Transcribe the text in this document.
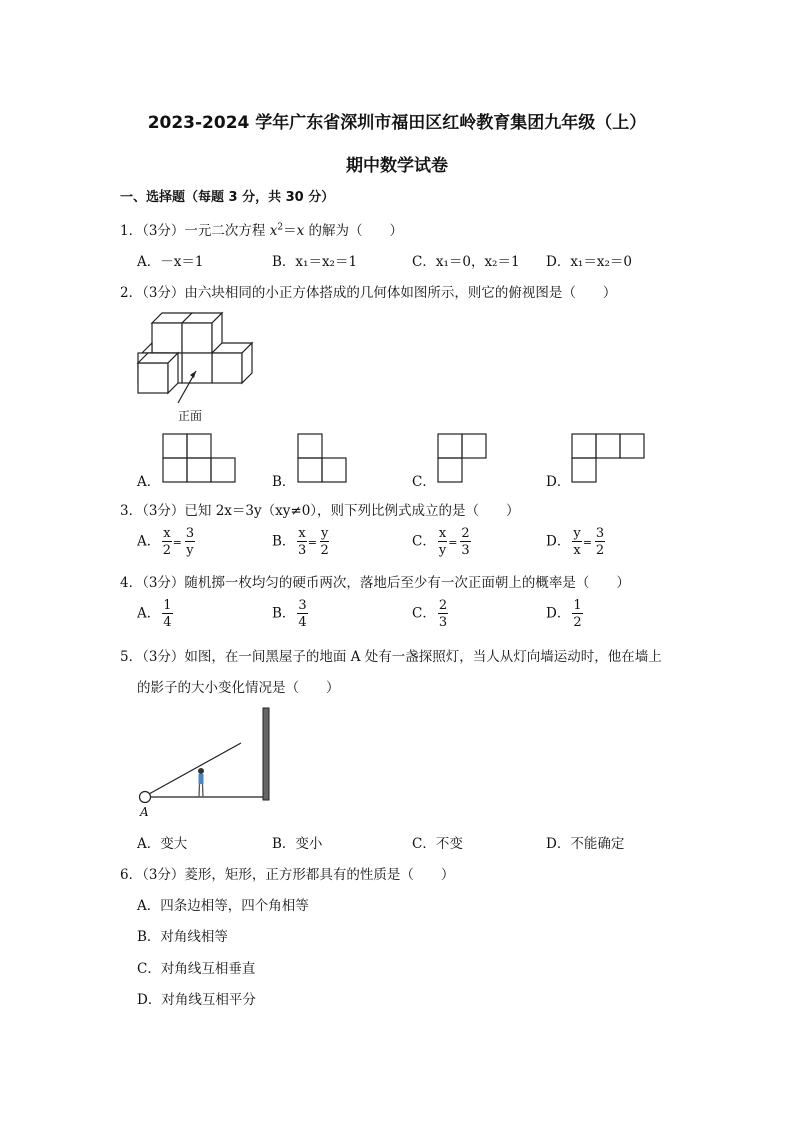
2023-2024 学年广东省深圳市福田区红岭教育集团九年级（上）
期中数学试卷
一、选择题（每题 3 分，共 30 分）
1．（3分）一元二次方程 $x^2=x$ 的解为（　　）
A．－x＝1	B．x₁＝x₂＝1	C．x₁＝0，x₂＝1 D．x₁＝x₂＝0
2．（3分）由六块相同的小正方体搭成的几何体如图所示，则它的俯视图是（　　）
正面
A．	B．	C．	D．
3．（3分）已知 2x＝3y（xy≠0），则下列比例式成立的是（　　）
A． $\frac{x}{2} = \frac{3}{y}$	B． $\frac{x}{3} = \frac{y}{2}$	C． $\frac{x}{y} = \frac{2}{3}$	D． $\frac{y}{x} = \frac{3}{2}$
4．（3分）随机掷一枚均匀的硬币两次，落地后至少有一次正面朝上的概率是（　　）
A． $\frac{1}{4}$	B． $\frac{3}{4}$	C． $\frac{2}{3}$	D． $\frac{1}{2}$
5．（3分）如图，在一间黑屋子的地面 A 处有一盏探照灯，当人从灯向墙运动时，他在墙上
的影子的大小变化情况是（　　）
A
A．变大	B．变小	C．不变	D．不能确定
6．（3分）菱形，矩形，正方形都具有的性质是（　　）
A．四条边相等，四个角相等
B．对角线相等
C．对角线互相垂直
D．对角线互相平分
